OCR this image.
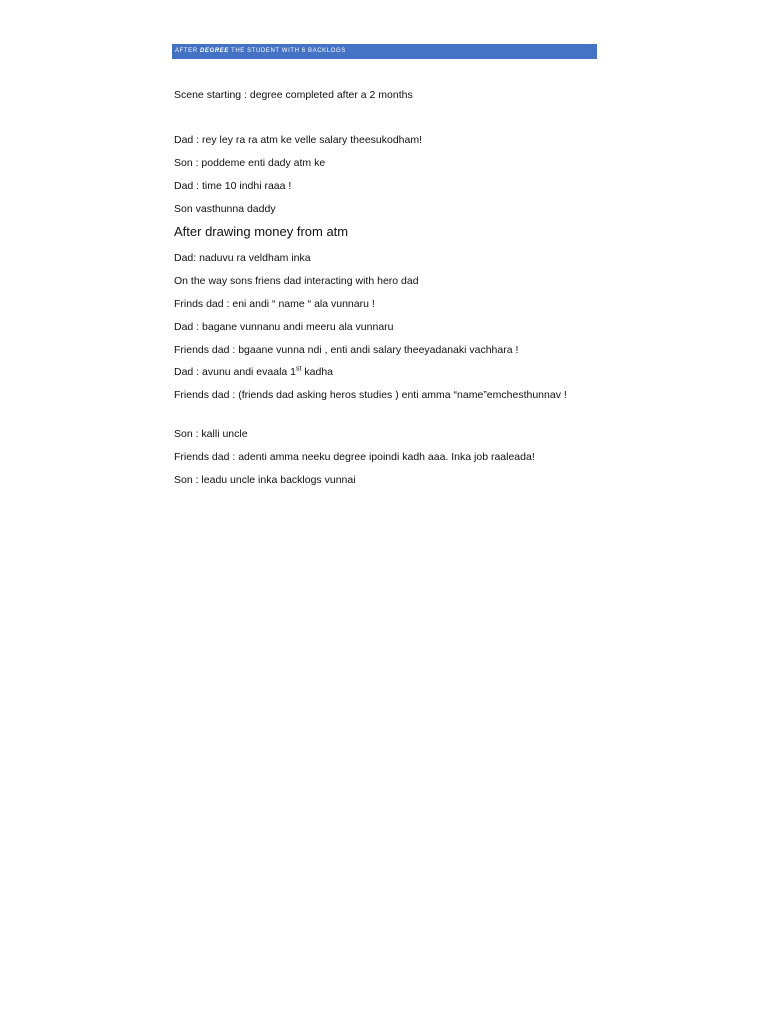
AFTER DEGREE THE STUDENT WITH 6 BACKLOGS

Scene starting : degree completed after a 2 months

Dad : rey ley ra ra atm ke velle salary theesukodham!

Son : poddeme enti dady atm ke

Dad : time 10 indhi raaa !

Son vasthunna daddy

After drawing money from atm

Dad: naduvu ra veldham inka

On the way sons friens dad interacting with hero dad

Frinds dad : eni andi “ name “ ala vunnaru !

Dad : bagane vunnanu andi meeru ala vunnaru

Friends dad : bgaane vunna ndi , enti andi salary theeyadanaki vachhara !

Dad : avunu andi evaala 1st kadha

Friends dad : (friends dad asking heros studies ) enti amma “name”emchesthunnav !

Son : kalli uncle

Friends dad : adenti amma neeku degree ipoindi kadh aaa. Inka job raaleada!

Son : leadu uncle inka backlogs vunnai
